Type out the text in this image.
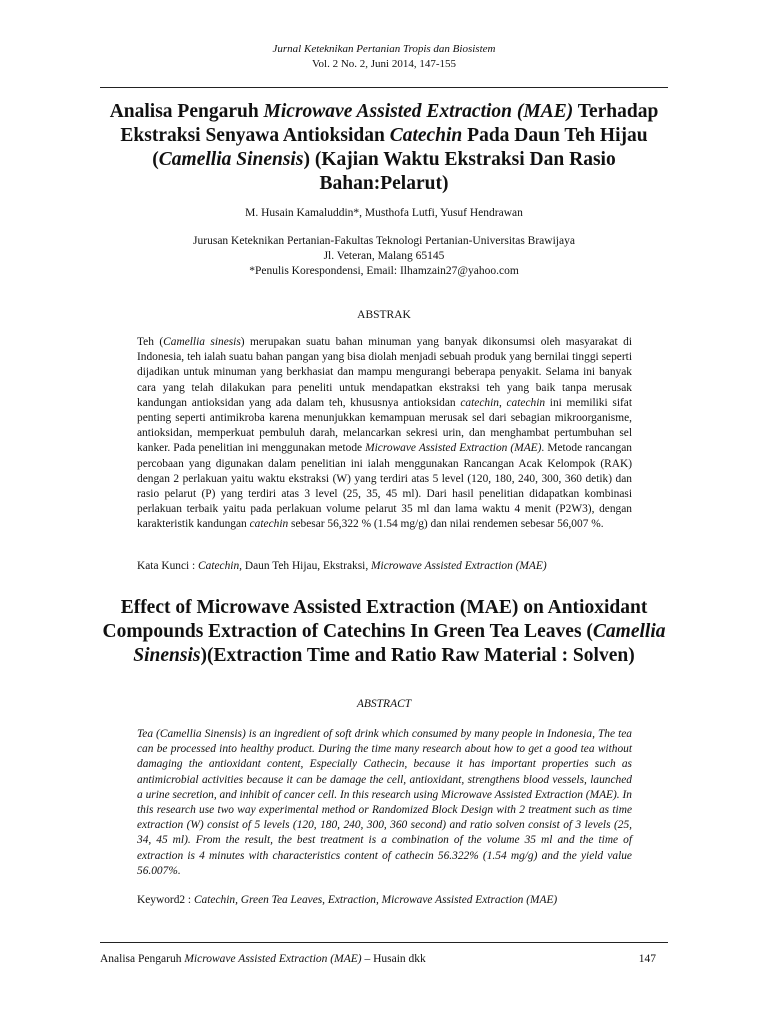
Jurnal Keteknikan Pertanian Tropis dan Biosistem
Vol. 2 No. 2, Juni 2014, 147-155
Analisa Pengaruh Microwave Assisted Extraction (MAE) Terhadap Ekstraksi Senyawa Antioksidan Catechin Pada Daun Teh Hijau (Camellia Sinensis) (Kajian Waktu Ekstraksi Dan Rasio Bahan:Pelarut)
M. Husain Kamaluddin*, Musthofa Lutfi, Yusuf Hendrawan
Jurusan Keteknikan Pertanian-Fakultas Teknologi Pertanian-Universitas Brawijaya
Jl. Veteran, Malang 65145
*Penulis Korespondensi, Email: Ilhamzain27@yahoo.com
ABSTRAK

Teh (Camellia sinesis) merupakan suatu bahan minuman yang banyak dikonsumsi oleh masyarakat di Indonesia, teh ialah suatu bahan pangan yang bisa diolah menjadi sebuah produk yang bernilai tinggi seperti dijadikan untuk minuman yang berkhasiat dan mampu mengurangi beberapa penyakit. Selama ini banyak cara yang telah dilakukan para peneliti untuk mendapatkan ekstraksi teh yang baik tanpa merusak kandungan antioksidan yang ada dalam teh, khususnya antioksidan catechin, catechin ini memiliki sifat penting seperti antimikroba karena menunjukkan kemampuan merusak sel dari sebagian mikroorganisme, antioksidan, memperkuat pembuluh darah, melancarkan sekresi urin, dan menghambat pertumbuhan sel kanker. Pada penelitian ini menggunakan metode Microwave Assisted Extraction (MAE). Metode rancangan percobaan yang digunakan dalam penelitian ini ialah menggunakan Rancangan Acak Kelompok (RAK) dengan 2 perlakuan yaitu waktu ekstraksi (W) yang terdiri atas 5 level (120, 180, 240, 300, 360 detik) dan rasio pelarut (P) yang terdiri atas 3 level (25, 35, 45 ml). Dari hasil penelitian didapatkan kombinasi perlakuan terbaik yaitu pada perlakuan volume pelarut 35 ml dan lama waktu 4 menit (P2W3), dengan karakteristik kandungan catechin sebesar 56,322 % (1.54 mg/g) dan nilai rendemen sebesar 56,007 %.

Kata Kunci : Catechin, Daun Teh Hijau, Ekstraksi, Microwave Assisted Extraction (MAE)
Effect of Microwave Assisted Extraction (MAE) on Antioxidant Compounds Extraction of Catechins In Green Tea Leaves (Camellia Sinensis)(Extraction Time and Ratio Raw Material : Solven)
ABSTRACT

Tea (Camellia Sinensis) is an ingredient of soft drink which consumed by many people in Indonesia, The tea can be processed into healthy product. During the time many research about how to get a good tea without damaging the antioxidant content, Especially Cathecin, because it has important properties such as antimicrobial activities because it can be damage the cell, antioxidant, strengthens blood vessels, launched a urine secretion, and inhibit of cancer cell. In this research using Microwave Assisted Extraction (MAE). In this research use two way experimental method or Randomized Block Design with 2 treatment such as time extraction (W) consist of 5 levels (120, 180, 240, 300, 360 second) and ratio solven consist of 3 levels (25, 34, 45 ml). From the result, the best treatment is a combination of the volume 35 ml and the time of extraction is 4 minutes with characteristics content of cathecin 56.322% (1.54 mg/g) and the yield value 56.007%.

Keyword2 : Catechin, Green Tea Leaves, Extraction, Microwave Assisted Extraction (MAE)
Analisa Pengaruh Microwave Assisted Extraction (MAE) – Husain dkk	147
